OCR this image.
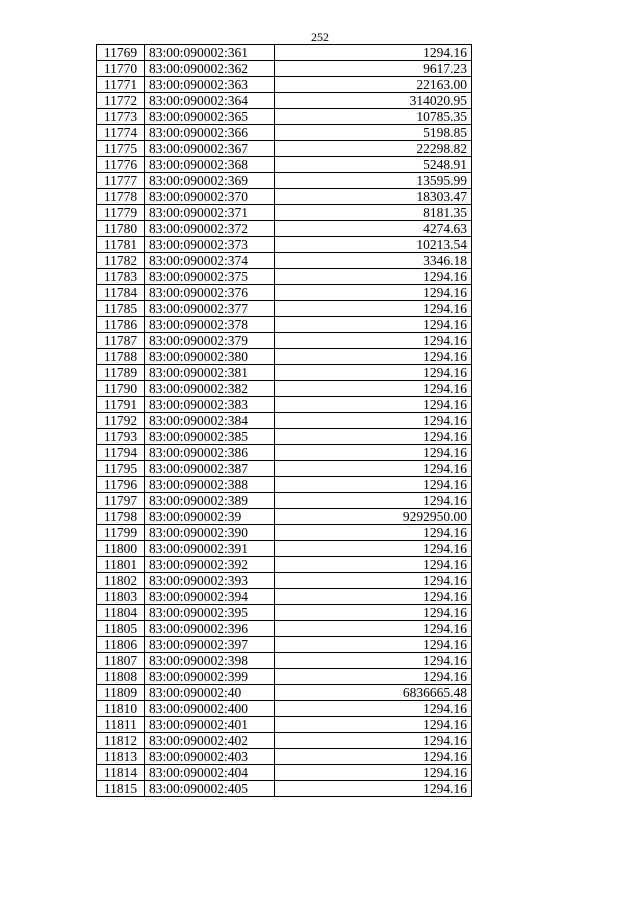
252
11769	83:00:090002:361	1294.16
11770	83:00:090002:362	9617.23
11771	83:00:090002:363	22163.00
11772	83:00:090002:364	314020.95
11773	83:00:090002:365	10785.35
11774	83:00:090002:366	5198.85
11775	83:00:090002:367	22298.82
11776	83:00:090002:368	5248.91
11777	83:00:090002:369	13595.99
11778	83:00:090002:370	18303.47
11779	83:00:090002:371	8181.35
11780	83:00:090002:372	4274.63
11781	83:00:090002:373	10213.54
11782	83:00:090002:374	3346.18
11783	83:00:090002:375	1294.16
11784	83:00:090002:376	1294.16
11785	83:00:090002:377	1294.16
11786	83:00:090002:378	1294.16
11787	83:00:090002:379	1294.16
11788	83:00:090002:380	1294.16
11789	83:00:090002:381	1294.16
11790	83:00:090002:382	1294.16
11791	83:00:090002:383	1294.16
11792	83:00:090002:384	1294.16
11793	83:00:090002:385	1294.16
11794	83:00:090002:386	1294.16
11795	83:00:090002:387	1294.16
11796	83:00:090002:388	1294.16
11797	83:00:090002:389	1294.16
11798	83:00:090002:39	9292950.00
11799	83:00:090002:390	1294.16
11800	83:00:090002:391	1294.16
11801	83:00:090002:392	1294.16
11802	83:00:090002:393	1294.16
11803	83:00:090002:394	1294.16
11804	83:00:090002:395	1294.16
11805	83:00:090002:396	1294.16
11806	83:00:090002:397	1294.16
11807	83:00:090002:398	1294.16
11808	83:00:090002:399	1294.16
11809	83:00:090002:40	6836665.48
11810	83:00:090002:400	1294.16
11811	83:00:090002:401	1294.16
11812	83:00:090002:402	1294.16
11813	83:00:090002:403	1294.16
11814	83:00:090002:404	1294.16
11815	83:00:090002:405	1294.16
